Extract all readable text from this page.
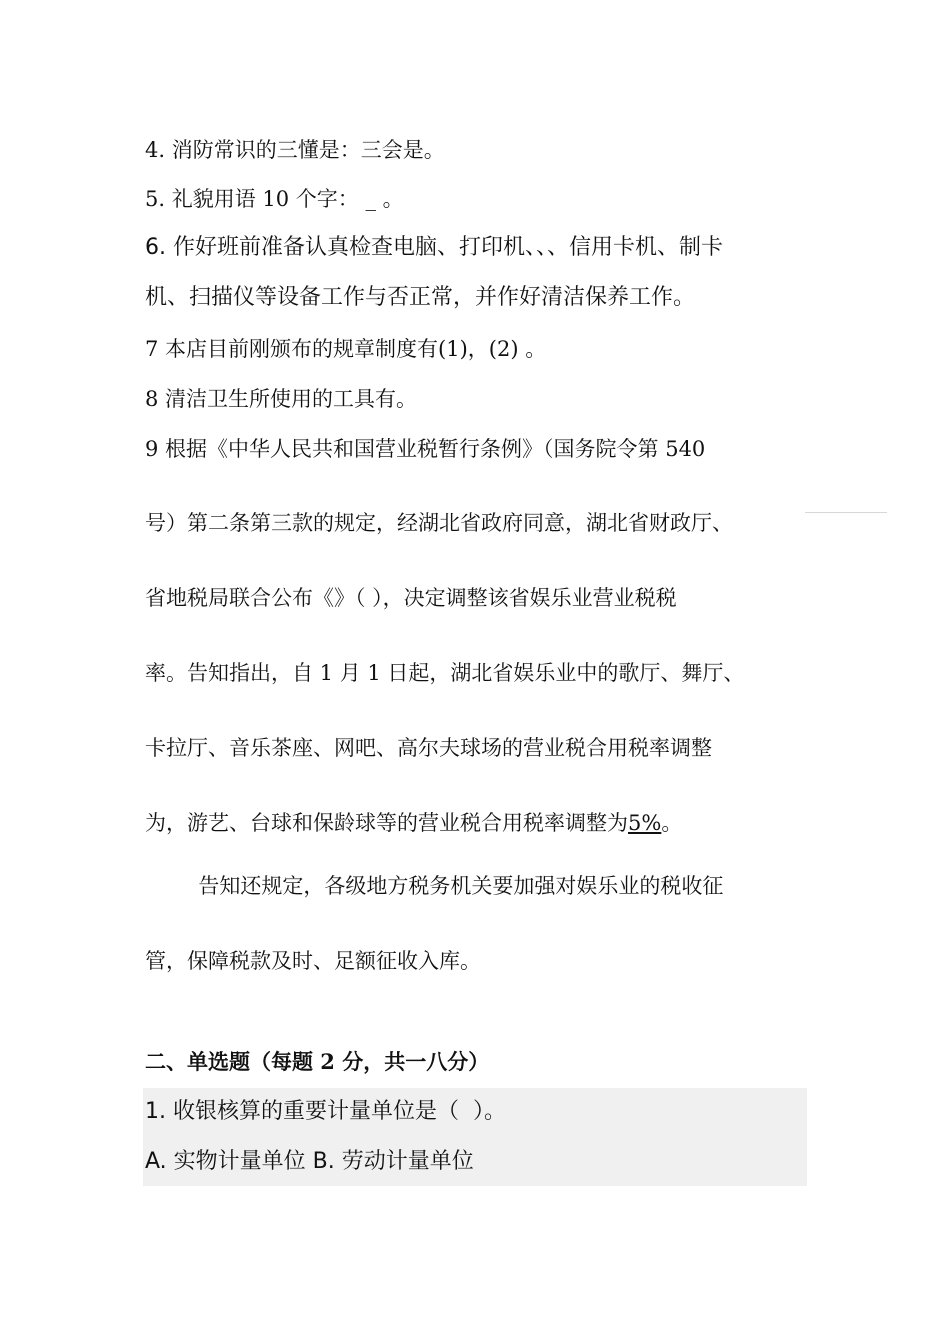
4. 消防常识的三懂是：三会是。
5. 礼貌用语 10 个字： _ 。
6. 作好班前准备认真检查电脑、打印机、、、信用卡机、制卡
机、扫描仪等设备工作与否正常，并作好清洁保养工作。
7 本店目前刚颁布的规章制度有(1)，(2) 。
8 清洁卫生所使用的工具有。
9 根据《中华人民共和国营业税暂行条例》（国务院令第 540
号）第二条第三款的规定，经湖北省政府同意，湖北省财政厅、
省地税局联合公布《》（ ），决定调整该省娱乐业营业税税
率。告知指出，自 1 月 1 日起，湖北省娱乐业中的歌厅、舞厅、
卡拉厅、音乐茶座、网吧、高尔夫球场的营业税合用税率调整
为，游艺、台球和保龄球等的营业税合用税率调整为5%。
告知还规定，各级地方税务机关要加强对娱乐业的税收征
管，保障税款及时、足额征收入库。
二、单选题（每题 2 分，共一八分）
1. 收银核算的重要计量单位是（  ）。
A. 实物计量单位 B. 劳动计量单位
